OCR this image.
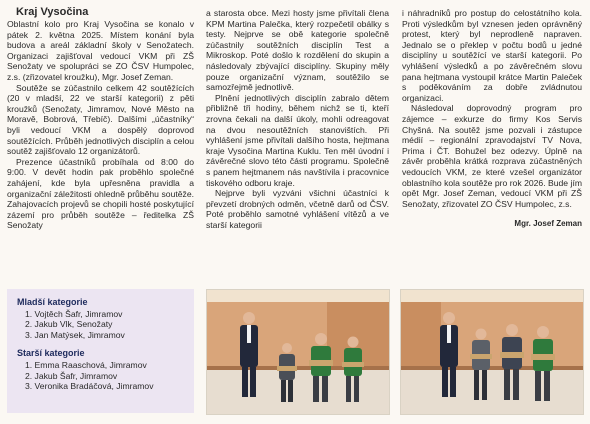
Kraj Vysočina

Oblastní kolo pro Kraj Vysočina se konalo v pátek 2. května 2025. Místem konání byla budova a areál základní školy v Senožatech. Organizaci zajišťoval vedoucí VKM při ZŠ Senožaty ve spolupráci se ZO ČSV Humpolec, z.s. (zřizovatel kroužku), Mgr. Josef Zeman.

Soutěže se zúčastnilo celkem 42 soutěžících (20 v mladší, 22 ve starší kategorii) z pěti kroužků (Senožaty, Jimramov, Nové Město na Moravě, Bobrová, Třebíč). Dalšími „účastníky“ byli vedoucí VKM a dospělý doprovod soutěžících. Průběh jednotlivých disciplín a celou soutěž zajišťovalo 12 organizátorů.

Prezence účastníků probíhala od 8:00 do 9:00. V devět hodin pak proběhlo společné zahájení, kde byla upřesněna pravidla a organizační záležitosti ohledně průběhu soutěže. Zahajovacích projevů se chopili hosté poskytující zázemí pro průběh soutěže – ředitelka ZŠ Senožaty

a starosta obce. Mezi hosty jsme přivítali člena KPM Martina Palečka, který rozpečetil obálky s testy. Nejprve se obě kategorie společně zúčastnily soutěžních disciplín Test a Mikroskop. Poté došlo k rozdělení do skupin a následovaly zbývající disciplíny. Skupiny měly pouze organizační význam, soutěžilo se samozřejmě jednotlivě.

Plnění jednotlivých disciplín zabralo dětem přibližně tři hodiny, během nichž se ti, kteří zrovna čekali na další úkoly, mohli odreagovat na dvou nesoutěžních stanovištích. Při vyhlášení jsme přivítali dalšího hosta, hejtmana kraje Vysočina Martina Kuklu. Ten měl úvodní i závěrečné slovo této části programu. Společně s panem hejtmanem nás navštívila i pracovnice tiskového odboru kraje.

Nejprve byli vyzváni všichni účastníci k převzetí drobných odměn, včetně darů od ČSV. Poté proběhlo samotné vyhlášení vítězů a ve starší kategorii

i náhradníků pro postup do celostátního kola. Proti výsledkům byl vznesen jeden oprávněný protest, který byl neprodleně napraven. Jednalo se o překlep v počtu bodů u jedné disciplíny u soutěžící ve starší kategorii. Po vyhlášení výsledků a po závěrečném slovu pana hejtmana vystoupil krátce Martin Paleček s poděkováním za dobře zvládnutou organizaci.

Následoval doprovodný program pro zájemce – exkurze do firmy Kos Servis Chyšná. Na soutěž jsme pozvali i zástupce médií – regionální zpravodajství TV Nova, Prima i ČT. Bohužel bez odezvy. Úplně na závěr proběhla krátká rozprava zúčastněných vedoucích VKM, ze které vzešel organizátor oblastního kola soutěže pro rok 2026. Bude jím opět Mgr. Josef Zeman, vedoucí VKM při ZŠ Senožaty, zřizovatel ZO ČSV Humpolec, z.s.

Mgr. Josef Zeman
Mladší kategorie
1. Vojtěch Šafr, Jimramov
2. Jakub Vlk, Senožaty
3. Jan Matýsek, Jimramov
Starší kategorie
1. Emma Raaschová, Jimramov
2. Jakub Šafr, Jimramov
3. Veronika Bradáčová, Jimramov
